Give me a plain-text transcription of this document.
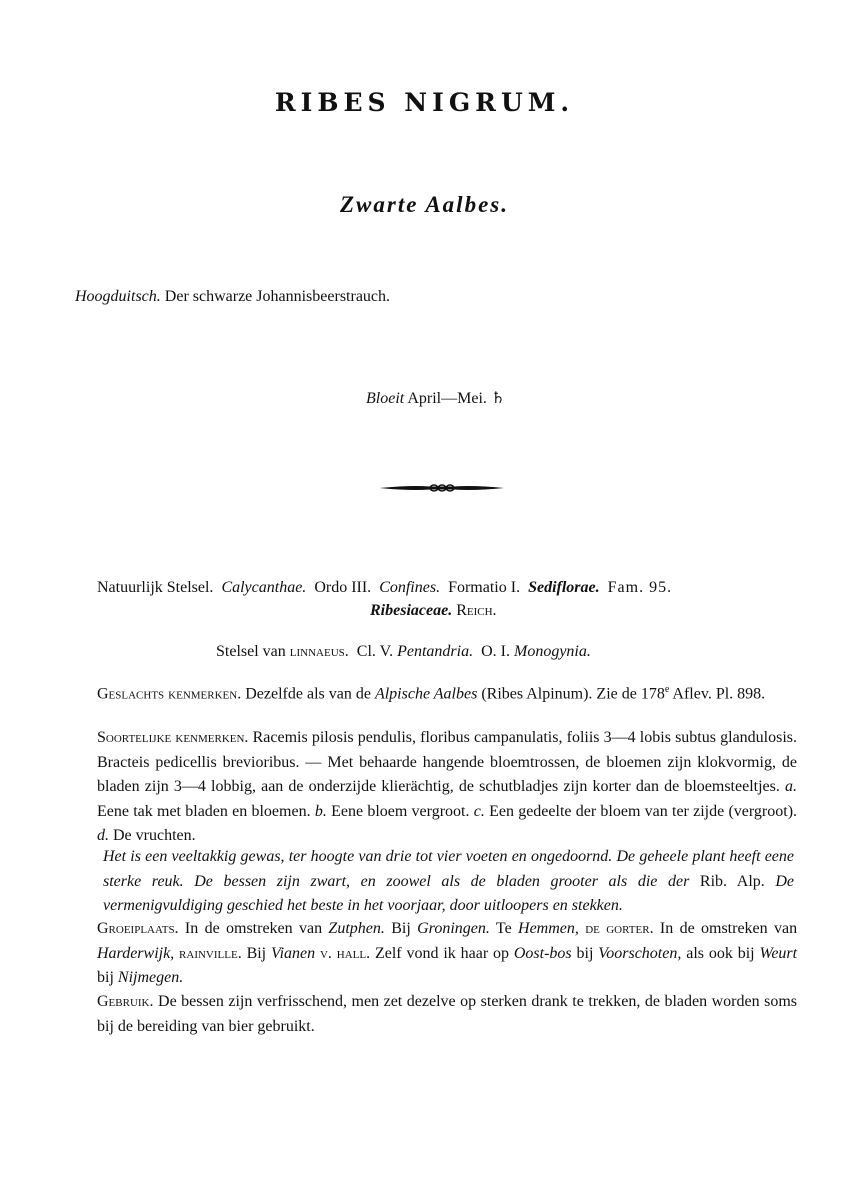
RIBES NIGRUM.
Zwarte Aalbes.
Hoogduitsch. Der schwarze Johannisbeerstrauch.
Bloeit April—Mei. ♄
Natuurlijk Stelsel. Calycanthae. Ordo III. Confines. Formatio I. Sediflorae. Fam. 95.
Ribesiaceae. Reich.
Stelsel van linnaeus. Cl. V. Pentandria. O. I. Monogynia.
Geslachts kenmerken. Dezelfde als van de Alpische Aalbes (Ribes Alpinum). Zie de 178e Aflev. Pl. 898.
Soortelijke kenmerken. Racemis pilosis pendulis, floribus campanulatis, foliis 3—4 lobis subtus glandulosis. Bracteis pedicellis brevioribus. — Met behaarde hangende bloemtrossen, de bloemen zijn klokvormig, de bladen zijn 3—4 lobbig, aan de onderzijde klierächtig, de schutbladjes zijn korter dan de bloemsteeltjes. a. Eene tak met bladen en bloemen. b. Eene bloem vergroot. c. Een gedeelte der bloem van ter zijde (vergroot). d. De vruchten.
Het is een veeltakkig gewas, ter hoogte van drie tot vier voeten en ongedoornd. De geheele plant heeft eene sterke reuk. De bessen zijn zwart, en zoowel als de bladen grooter als die der Rib. Alp. De vermenigvuldiging geschied het beste in het voorjaar, door uitloopers en stekken.
Groeiplaats. In de omstreken van Zutphen. Bij Groningen. Te Hemmen, de gorter. In de omstreken van Harderwijk, rainville. Bij Vianen v. hall. Zelf vond ik haar op Oost-bos bij Voorschoten, als ook bij Weurt bij Nijmegen.
Gebruik. De bessen zijn verfrisschend, men zet dezelve op sterken drank te trekken, de bladen worden soms bij de bereiding van bier gebruikt.
